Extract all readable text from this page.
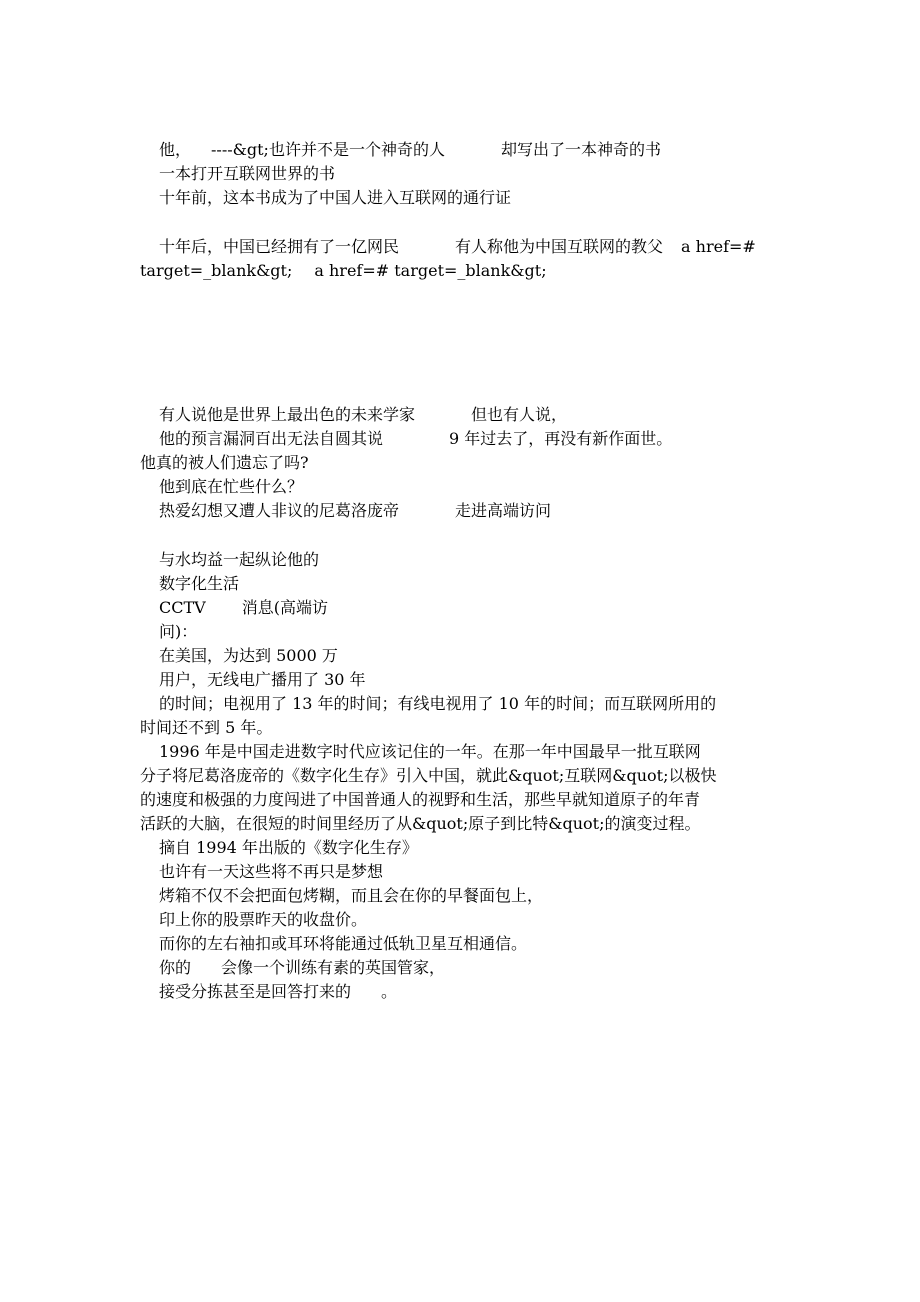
他， ----&gt;也许并不是一个神奇的人	却写出了一本神奇的书
一本打开互联网世界的书
十年前，这本书成为了中国人进入互联网的通行证
十年后，中国已经拥有了一亿网民	有人称他为中国互联网的教父 a href=#
target=_blank&gt; a href=# target=_blank&gt;
有人说他是世界上最出色的未来学家	但也有人说，
他的预言漏洞百出无法自圆其说	9 年过去了，再没有新作面世。
他真的被人们遗忘了吗?
他到底在忙些什么？
热爱幻想又遭人非议的尼葛洛庞帝	走进高端访问
与水均益一起纵论他的
数字化生活
CCTV 消息(高端访
问)：
在美国，为达到 5000 万
用户，无线电广播用了 30 年
的时间；电视用了 13 年的时间；有线电视用了 10 年的时间；而互联网所用的
时间还不到 5 年。
1996 年是中国走进数字时代应该记住的一年。在那一年中国最早一批互联网
分子将尼葛洛庞帝的《数字化生存》引入中国，就此&quot;互联网&quot;以极快
的速度和极强的力度闯进了中国普通人的视野和生活，那些早就知道原子的年青
活跃的大脑，在很短的时间里经历了从&quot;原子到比特&quot;的演变过程。
摘自 1994 年出版的《数字化生存》
也许有一天这些将不再只是梦想
烤箱不仅不会把面包烤糊，而且会在你的早餐面包上，
印上你的股票昨天的收盘价。
而你的左右袖扣或耳环将能通过低轨卫星互相通信。
你的 会像一个训练有素的英国管家，
接受分拣甚至是回答打来的 。
